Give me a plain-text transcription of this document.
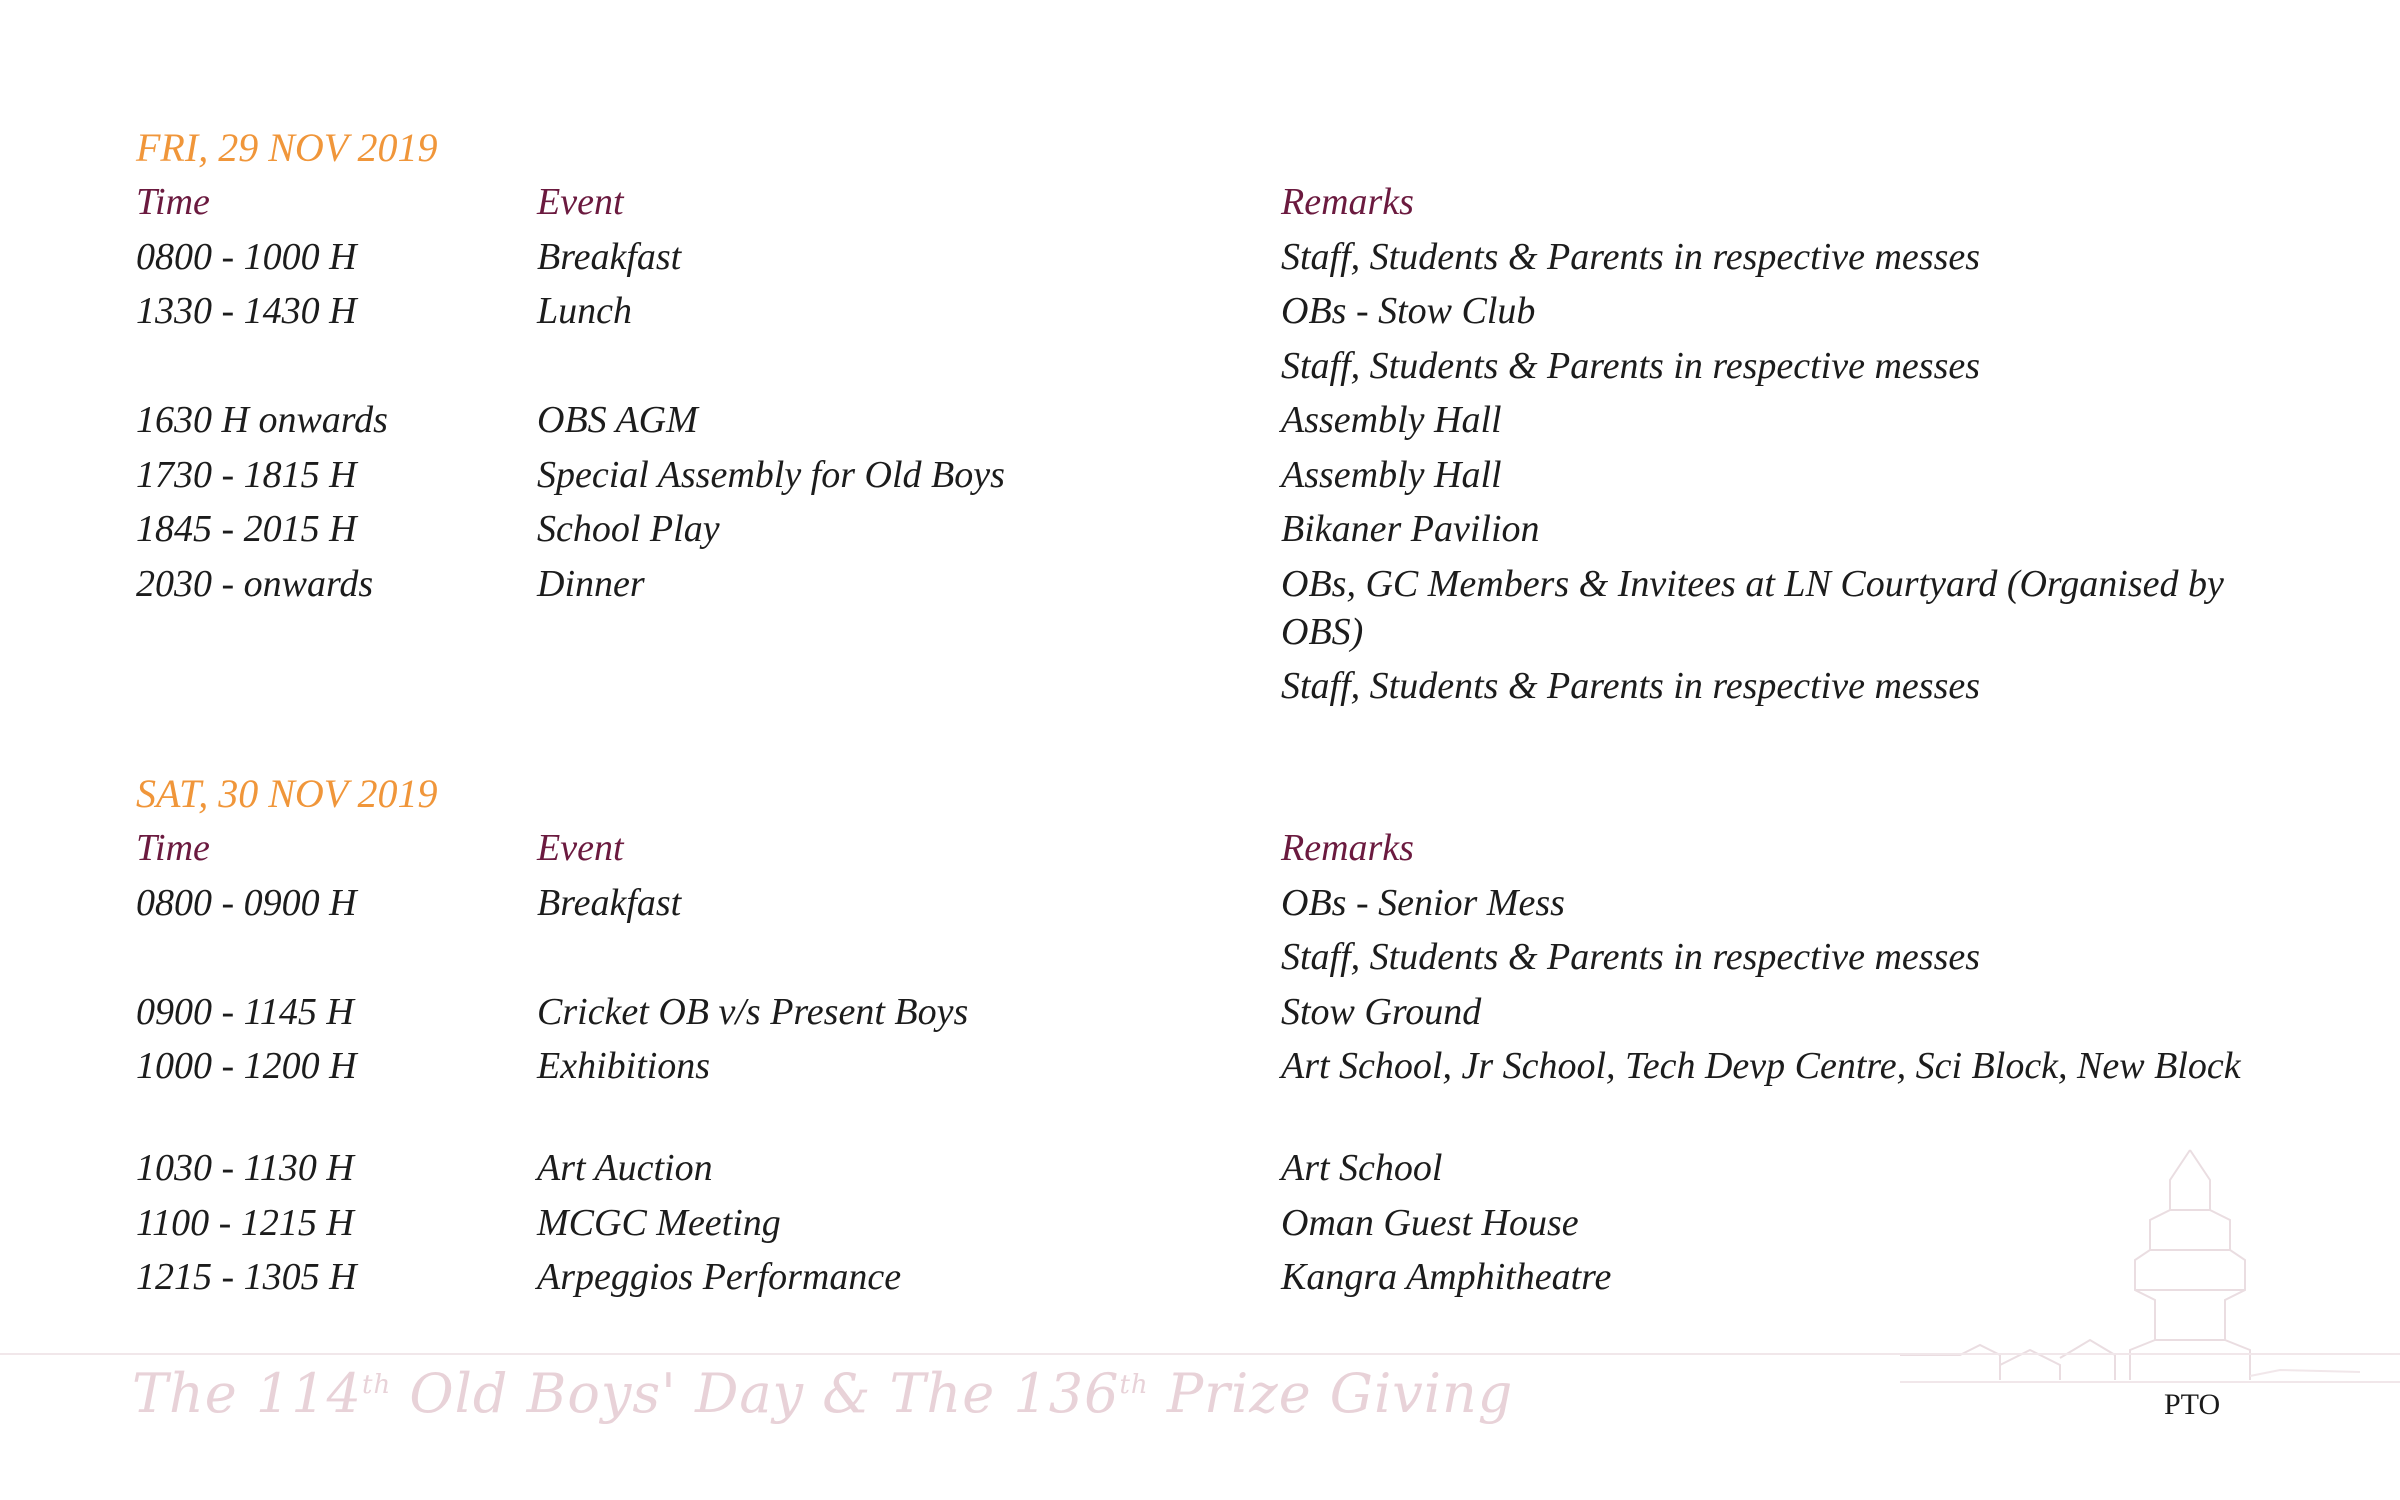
FRI, 29 NOV 2019
Time	Event	Remarks
0800 - 1000 H	Breakfast	Staff, Students & Parents in respective messes
1330 - 1430 H	Lunch	OBs - Stow Club
Staff, Students & Parents in respective messes
1630 H onwards	OBS AGM	Assembly Hall
1730 - 1815 H	Special Assembly for Old Boys	Assembly Hall
1845 - 2015 H	School Play	Bikaner Pavilion
2030 - onwards	Dinner	OBs, GC Members & Invitees at LN Courtyard (Organised by OBS)
Staff, Students & Parents in respective messes
SAT, 30 NOV 2019
Time	Event	Remarks
0800 - 0900 H	Breakfast	OBs - Senior Mess
Staff, Students & Parents in respective messes
0900 - 1145 H	Cricket OB v/s Present Boys	Stow Ground
1000 - 1200 H	Exhibitions	Art School, Jr School, Tech Devp Centre, Sci Block, New Block
1030 - 1130 H	Art Auction	Art School
1100 - 1215 H	MCGC Meeting	Oman Guest House
1215 - 1305 H	Arpeggios Performance	Kangra Amphitheatre
The 114th Old Boys' Day & The 136th Prize Giving	PTO
